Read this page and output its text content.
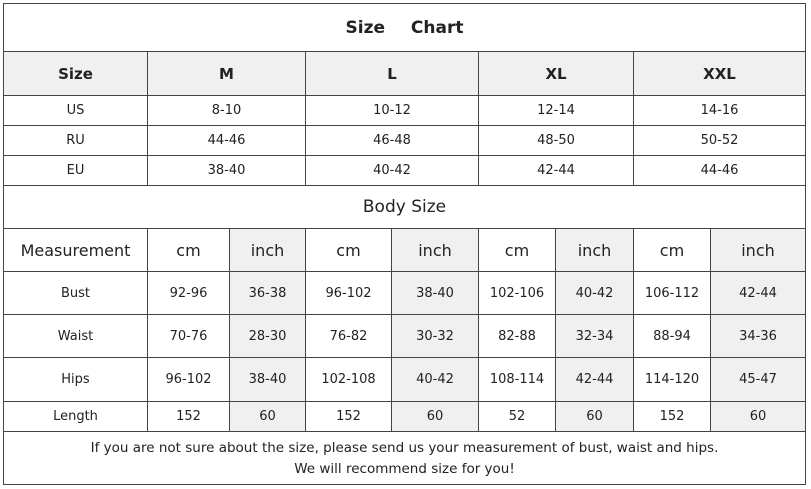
Size Chart
Size	M	L	XL	XXL
US	8-10	10-12	12-14	14-16
RU	44-46	46-48	48-50	50-52
EU	38-40	40-42	42-44	44-46
Body Size
Measurement	cm	inch	cm	inch	cm	inch	cm	inch
Bust	92-96	36-38	96-102	38-40	102-106	40-42	106-112	42-44
Waist	70-76	28-30	76-82	30-32	82-88	32-34	88-94	34-36
Hips	96-102	38-40	102-108	40-42	108-114	42-44	114-120	45-47
Length	152	60	152	60	52	60	152	60
If you are not sure about the size, please send us your measurement of bust, waist and hips.
We will recommend size for you!
